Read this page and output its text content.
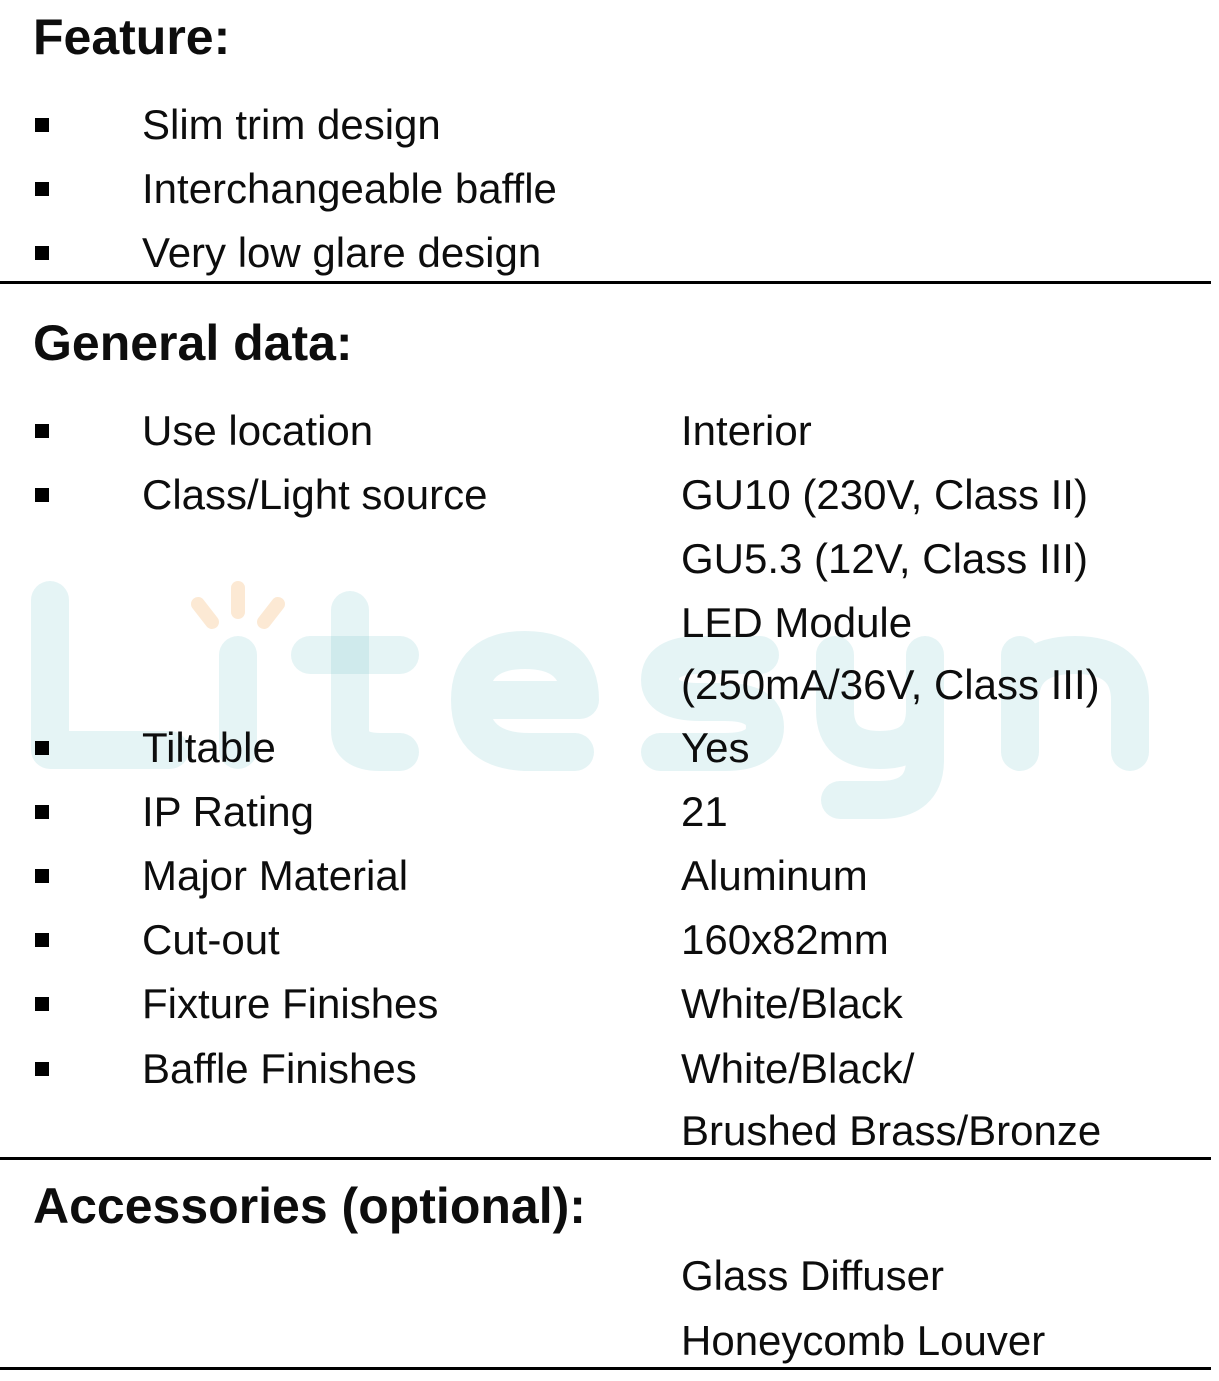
Feature:
Slim trim design
Interchangeable baffle
Very low glare design
General data:
Use location	Interior
Class/Light source	GU10 (230V, Class II)
GU5.3 (12V, Class III)
LED Module
(250mA/36V, Class III)
Tiltable	Yes
IP Rating	21
Major Material	Aluminum
Cut-out	160x82mm
Fixture Finishes	White/Black
Baffle Finishes	White/Black/
Brushed Brass/Bronze
Accessories (optional):
Glass Diffuser
Honeycomb Louver
